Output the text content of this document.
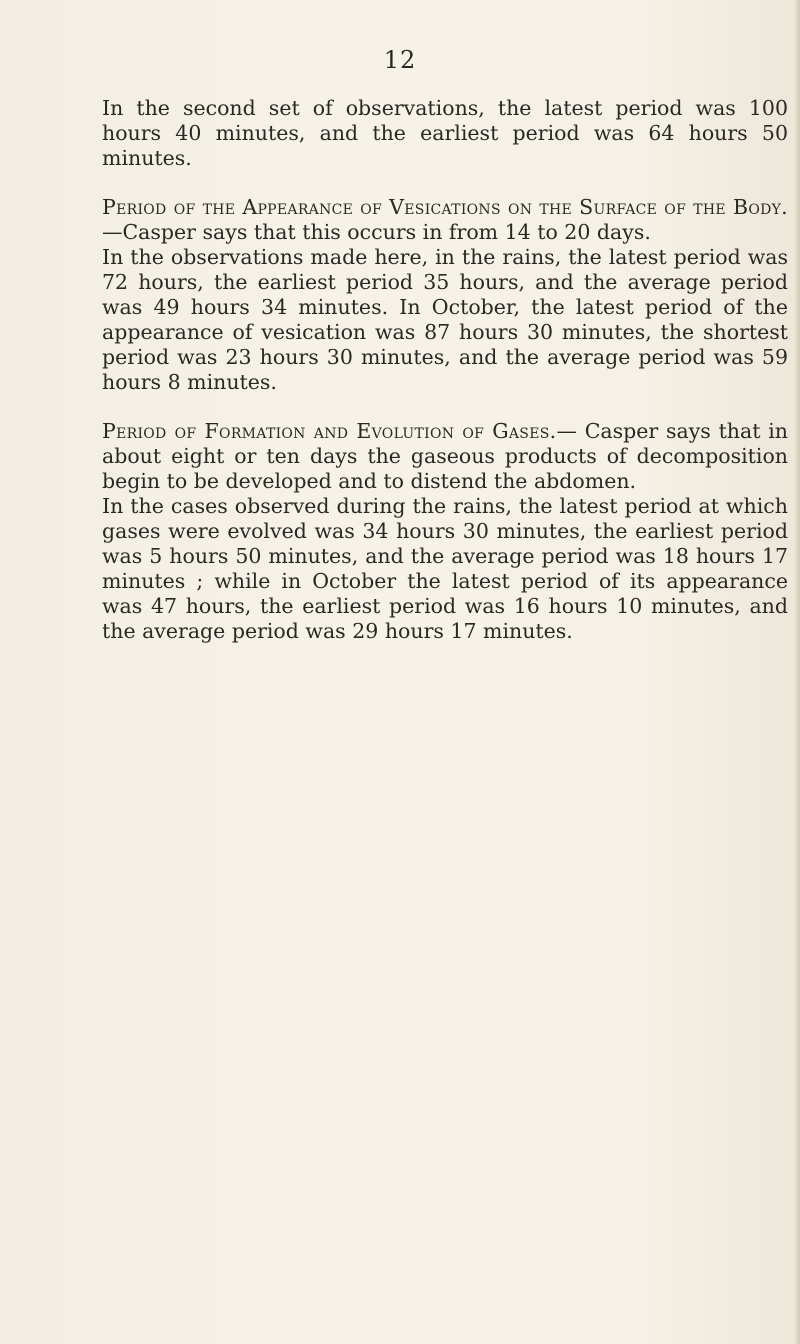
12

In the second set of observations, the latest period was 100 hours 40 minutes, and the earliest period was 64 hours 50 minutes.

Period of the Appearance of Vesications on the Surface of the Body.—Casper says that this occurs in from 14 to 20 days.

In the observations made here, in the rains, the latest period was 72 hours, the earliest period 35 hours, and the average period was 49 hours 34 minutes. In October, the latest period of the appearance of vesication was 87 hours 30 minutes, the shortest period was 23 hours 30 minutes, and the average period was 59 hours 8 minutes.

Period of Formation and Evolution of Gases.— Casper says that in about eight or ten days the gaseous products of decomposition begin to be developed and to distend the abdomen.

In the cases observed during the rains, the latest period at which gases were evolved was 34 hours 30 minutes, the earliest period was 5 hours 50 minutes, and the average period was 18 hours 17 minutes ; while in October the latest period of its appearance was 47 hours, the earliest period was 16 hours 10 minutes, and the average period was 29 hours 17 minutes.
